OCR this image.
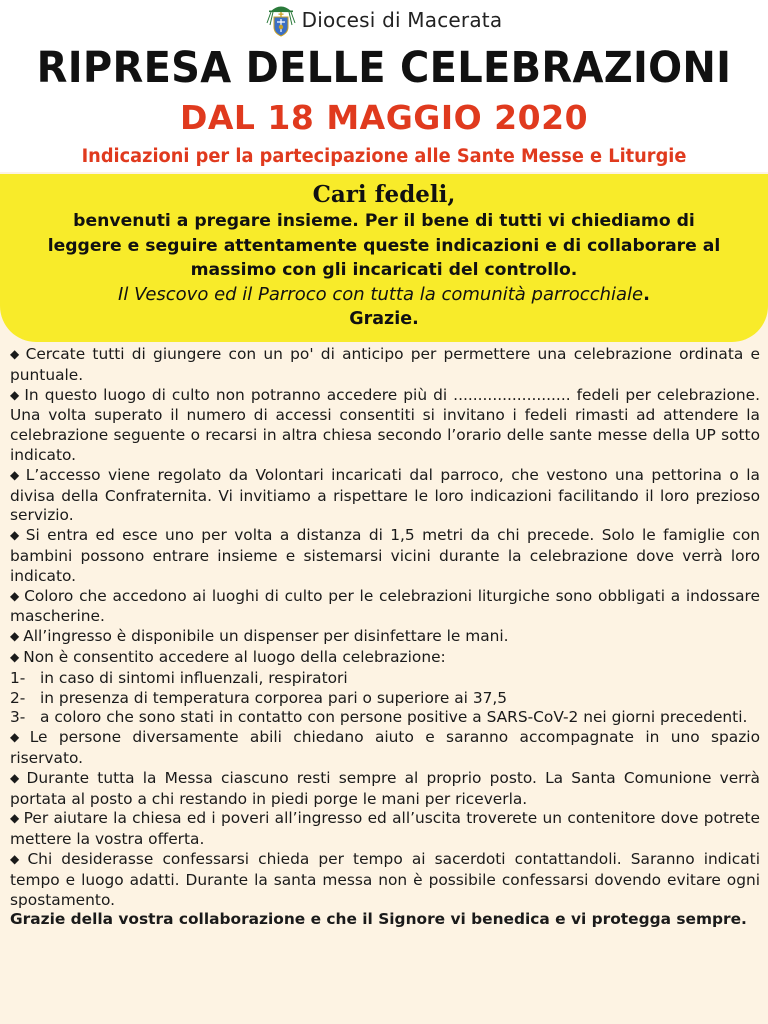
Diocesi di Macerata
RIPRESA DELLE CELEBRAZIONI
DAL 18 MAGGIO 2020
Indicazioni per la partecipazione alle Sante Messe e Liturgie
Cari fedeli,
benvenuti a pregare insieme. Per il bene di tutti vi chiediamo di
leggere e seguire attentamente queste indicazioni e di collaborare al
massimo con gli incaricati del controllo.
Il Vescovo ed il Parroco con tutta la comunità parrocchiale.
Grazie.

◆ Cercate tutti di giungere con un po' di anticipo per permettere una celebrazione ordinata e puntuale.

◆ In questo luogo di culto non potranno accedere più di ........................ fedeli per celebrazione. Una volta superato il numero di accessi consentiti si invitano i fedeli rimasti ad attendere la celebrazione seguente o recarsi in altra chiesa secondo l’orario delle sante messe della UP sotto indicato.

◆ L’accesso viene regolato da Volontari incaricati dal parroco, che vestono una pettorina o la divisa della Confraternita. Vi invitiamo a rispettare le loro indicazioni facilitando il loro prezioso servizio.

◆ Si entra ed esce uno per volta a distanza di 1,5 metri da chi precede. Solo le famiglie con bambini possono entrare insieme e sistemarsi vicini durante la celebrazione dove verrà loro indicato.

◆ Coloro che accedono ai luoghi di culto per le celebrazioni liturgiche sono obbligati a indossare mascherine.

◆ All’ingresso è disponibile un dispenser per disinfettare le mani.

◆ Non è consentito accedere al luogo della celebrazione:

1- in caso di sintomi influenzali, respiratori

2- in presenza di temperatura corporea pari o superiore ai 37,5

3- a coloro che sono stati in contatto con persone positive a SARS-CoV-2 nei giorni precedenti.

◆ Le persone diversamente abili chiedano aiuto e saranno accompagnate in uno spazio riservato.

◆ Durante tutta la Messa ciascuno resti sempre al proprio posto. La Santa Comunione verrà portata al posto a chi restando in piedi porge le mani per riceverla.

◆ Per aiutare la chiesa ed i poveri all’ingresso ed all’uscita troverete un contenitore dove potrete mettere la vostra offerta.

◆ Chi desiderasse confessarsi chieda per tempo ai sacerdoti contattandoli. Saranno indicati tempo e luogo adatti. Durante la santa messa non è possibile confessarsi dovendo evitare ogni spostamento.

Grazie della vostra collaborazione e che il Signore vi benedica e vi protegga sempre.
